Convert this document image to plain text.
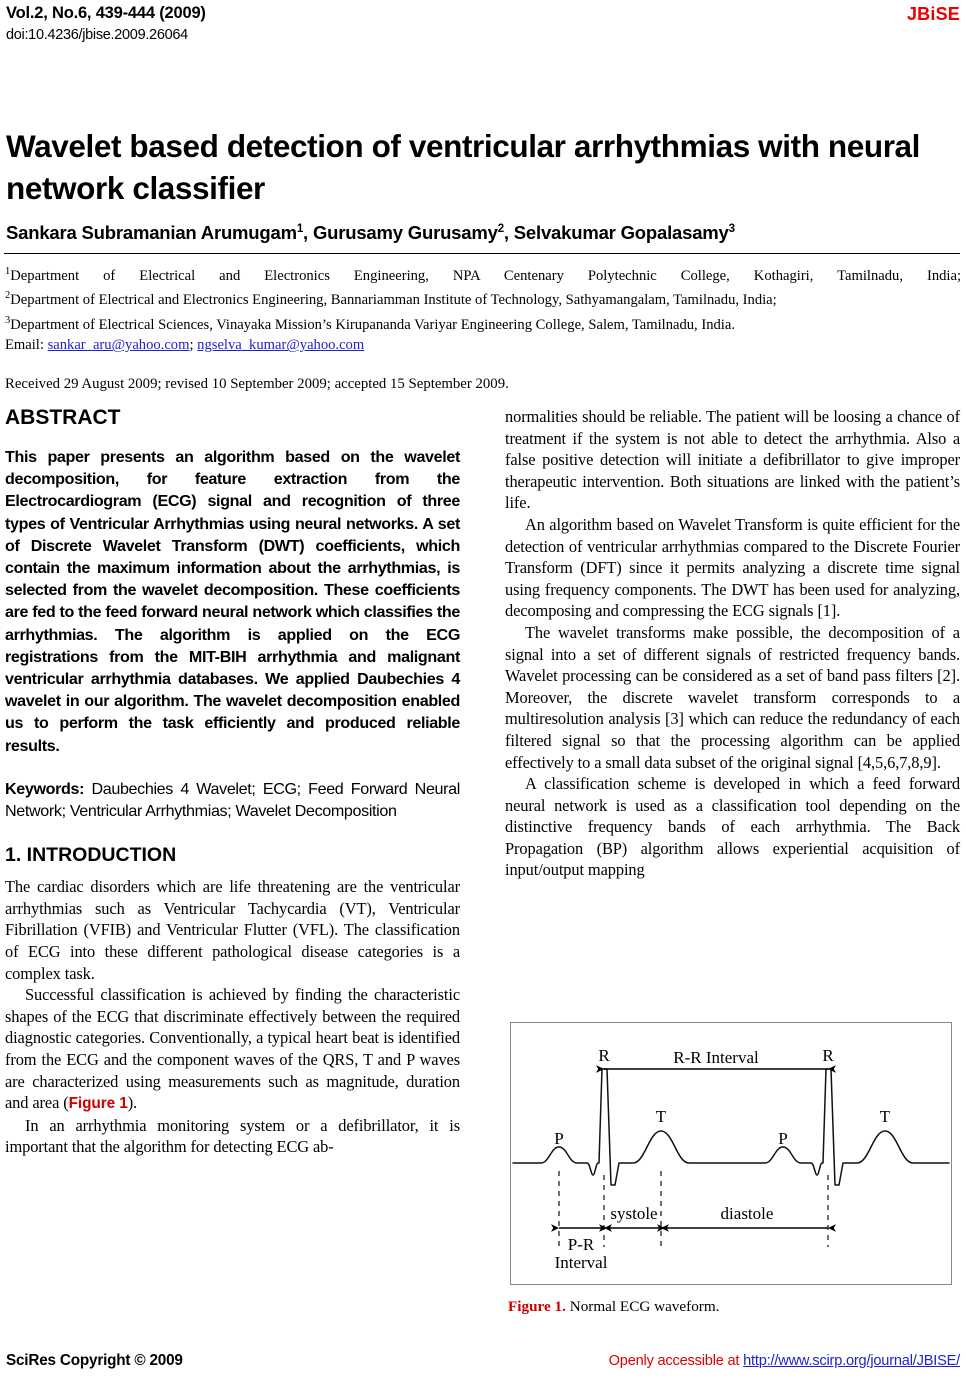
Vol.2, No.6, 439-444 (2009)	JBiSE
doi:10.4236/jbise.2009.26064
Wavelet based detection of ventricular arrhythmias with neural network classifier
Sankara Subramanian Arumugam$^1$, Gurusamy Gurusamy$^2$, Selvakumar Gopalasamy$^3$
$^1$Department of Electrical and Electronics Engineering, NPA Centenary Polytechnic College, Kothagiri, Tamilnadu, India;
$^2$Department of Electrical and Electronics Engineering, Bannariamman Institute of Technology, Sathyamangalam, Tamilnadu, India;
$^3$Department of Electrical Sciences, Vinayaka Mission’s Kirupananda Variyar Engineering College, Salem, Tamilnadu, India.
Email: sankar_aru@yahoo.com; ngselva_kumar@yahoo.com
Received 29 August 2009; revised 10 September 2009; accepted 15 September 2009.
ABSTRACT

This paper presents an algorithm based on the wavelet decomposition, for feature extraction from the Electrocardiogram (ECG) signal and recognition of three types of Ventricular Arrhythmias using neural networks. A set of Discrete Wavelet Transform (DWT) coefficients, which contain the maximum information about the arrhythmias, is selected from the wavelet decomposition. These coefficients are fed to the feed forward neural network which classifies the arrhythmias. The algorithm is applied on the ECG registrations from the MIT-BIH arrhythmia and malignant ventricular arrhythmia databases. We applied Daubechies 4 wavelet in our algorithm. The wavelet decomposition enabled us to perform the task efficiently and produced reliable results.

Keywords: Daubechies 4 Wavelet; ECG; Feed Forward Neural Network; Ventricular Arrhythmias; Wavelet Decomposition
1. INTRODUCTION

The cardiac disorders which are life threatening are the ventricular arrhythmias such as Ventricular Tachycardia (VT), Ventricular Fibrillation (VFIB) and Ventricular Flutter (VFL). The classification of ECG into these different pathological disease categories is a complex task.

Successful classification is achieved by finding the characteristic shapes of the ECG that discriminate effectively between the required diagnostic categories. Conventionally, a typical heart beat is identified from the ECG and the component waves of the QRS, T and P waves are characterized using measurements such as magnitude, duration and area (Figure 1).

In an arrhythmia monitoring system or a defibrillator, it is important that the algorithm for detecting ECG ab-

normalities should be reliable. The patient will be loosing a chance of treatment if the system is not able to detect the arrhythmia. Also a false positive detection will initiate a defibrillator to give improper therapeutic intervention. Both situations are linked with the patient’s life.

An algorithm based on Wavelet Transform is quite efficient for the detection of ventricular arrhythmias compared to the Discrete Fourier Transform (DFT) since it permits analyzing a discrete time signal using frequency components. The DWT has been used for analyzing, decomposing and compressing the ECG signals [1].

The wavelet transforms make possible, the decomposition of a signal into a set of different signals of restricted frequency bands. Wavelet processing can be considered as a set of band pass filters [2]. Moreover, the discrete wavelet transform corresponds to a multiresolution analysis [3] which can reduce the redundancy of each filtered signal so that the processing algorithm can be applied effectively to a small data subset of the original signal [4,5,6,7,8,9].

A classification scheme is developed in which a feed forward neural network is used as a classification tool depending on the distinctive frequency bands of each arrhythmia. The Back Propagation (BP) algorithm allows experiential acquisition of input/output mapping

P
R
T
P
R
T
R-R Interval
systole	diastole
P-R
Interval
Figure 1. Normal ECG waveform.
SciRes Copyright © 2009	Openly accessible at http://www.scirp.org/journal/JBISE/
